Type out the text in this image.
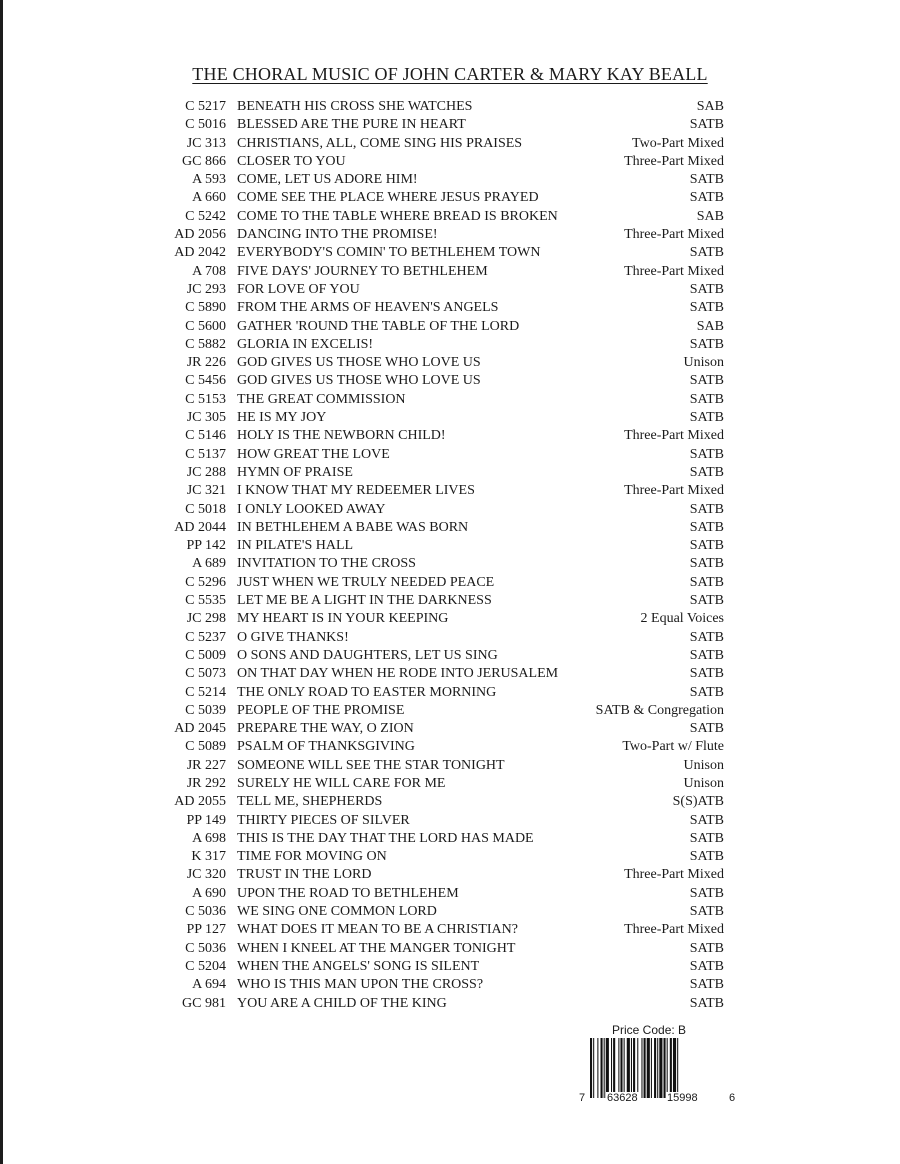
THE CHORAL MUSIC OF JOHN CARTER & MARY KAY BEALL
C 5217 BENEATH HIS CROSS SHE WATCHES	SAB
C 5016 BLESSED ARE THE PURE IN HEART	SATB
JC 313 CHRISTIANS, ALL, COME SING HIS PRAISES	Two-Part Mixed
GC 866 CLOSER TO YOU	Three-Part Mixed
A 593 COME, LET US ADORE HIM!	SATB
A 660 COME SEE THE PLACE WHERE JESUS PRAYED	SATB
C 5242 COME TO THE TABLE WHERE BREAD IS BROKEN	SAB
AD 2056 DANCING INTO THE PROMISE!	Three-Part Mixed
AD 2042 EVERYBODY'S COMIN' TO BETHLEHEM TOWN	SATB
A 708 FIVE DAYS' JOURNEY TO BETHLEHEM	Three-Part Mixed
JC 293 FOR LOVE OF YOU	SATB
C 5890 FROM THE ARMS OF HEAVEN'S ANGELS	SATB
C 5600 GATHER 'ROUND THE TABLE OF THE LORD	SAB
C 5882 GLORIA IN EXCELIS!	SATB
JR 226 GOD GIVES US THOSE WHO LOVE US	Unison
C 5456 GOD GIVES US THOSE WHO LOVE US	SATB
C 5153 THE GREAT COMMISSION	SATB
JC 305 HE IS MY JOY	SATB
C 5146 HOLY IS THE NEWBORN CHILD!	Three-Part Mixed
C 5137 HOW GREAT THE LOVE	SATB
JC 288 HYMN OF PRAISE	SATB
JC 321 I KNOW THAT MY REDEEMER LIVES	Three-Part Mixed
C 5018 I ONLY LOOKED AWAY	SATB
AD 2044 IN BETHLEHEM A BABE WAS BORN	SATB
PP 142 IN PILATE'S HALL	SATB
A 689 INVITATION TO THE CROSS	SATB
C 5296 JUST WHEN WE TRULY NEEDED PEACE	SATB
C 5535 LET ME BE A LIGHT IN THE DARKNESS	SATB
JC 298 MY HEART IS IN YOUR KEEPING	2 Equal Voices
C 5237 O GIVE THANKS!	SATB
C 5009 O SONS AND DAUGHTERS, LET US SING	SATB
C 5073 ON THAT DAY WHEN HE RODE INTO JERUSALEM	SATB
C 5214 THE ONLY ROAD TO EASTER MORNING	SATB
C 5039 PEOPLE OF THE PROMISE	SATB & Congregation
AD 2045 PREPARE THE WAY, O ZION	SATB
C 5089 PSALM OF THANKSGIVING	Two-Part w/ Flute
JR 227 SOMEONE WILL SEE THE STAR TONIGHT	Unison
JR 292 SURELY HE WILL CARE FOR ME	Unison
AD 2055 TELL ME, SHEPHERDS	S(S)ATB
PP 149 THIRTY PIECES OF SILVER	SATB
A 698 THIS IS THE DAY THAT THE LORD HAS MADE	SATB
K 317 TIME FOR MOVING ON	SATB
JC 320 TRUST IN THE LORD	Three-Part Mixed
A 690 UPON THE ROAD TO BETHLEHEM	SATB
C 5036 WE SING ONE COMMON LORD	SATB
PP 127 WHAT DOES IT MEAN TO BE A CHRISTIAN?	Three-Part Mixed
C 5036 WHEN I KNEEL AT THE MANGER TONIGHT	SATB
C 5204 WHEN THE ANGELS' SONG IS SILENT	SATB
A 694 WHO IS THIS MAN UPON THE CROSS?	SATB
GC 981 YOU ARE A CHILD OF THE KING	SATB
Price Code: B
7 63628	15998	6
